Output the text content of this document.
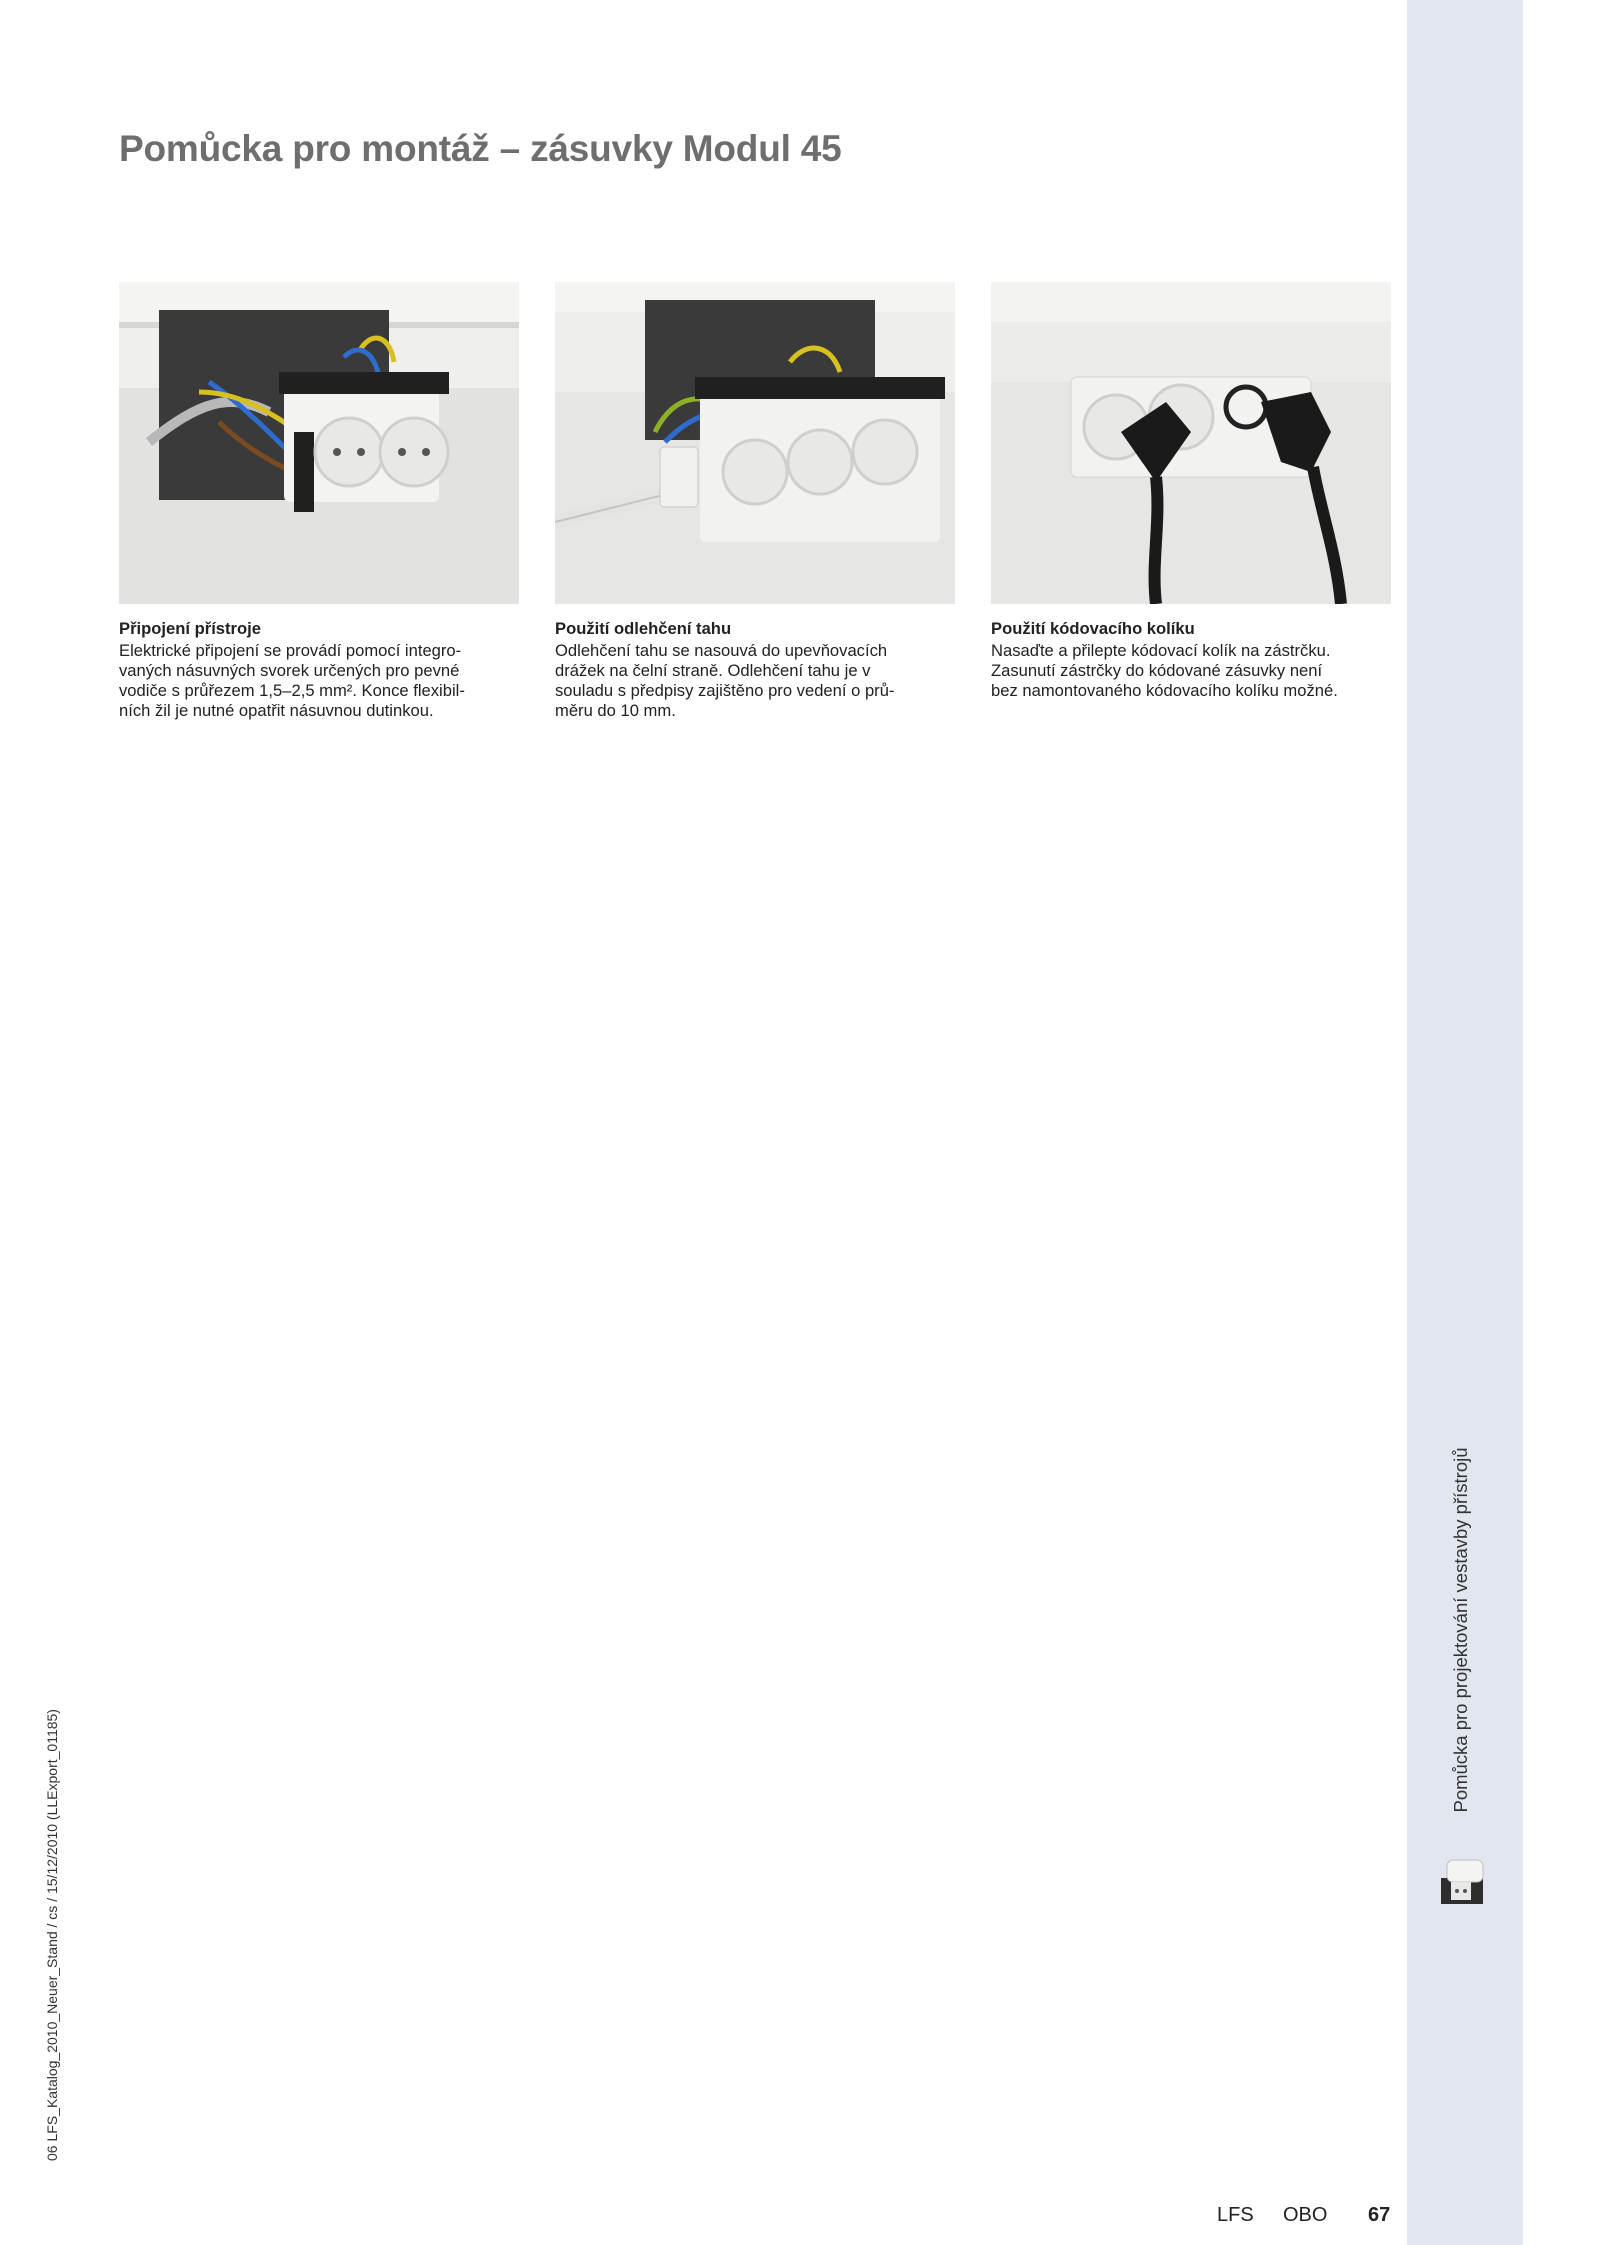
Pomůcka pro montáž – zásuvky Modul 45
Připojení přístroje
Elektrické připojení se provádí pomocí integro-
vaných násuvných svorek určených pro pevné
vodiče s průřezem 1,5–2,5 mm². Konce flexibil-
ních žil je nutné opatřit násuvnou dutinkou.
Použití odlehčení tahu
Odlehčení tahu se nasouvá do upevňovacích
drážek na čelní straně. Odlehčení tahu je v
souladu s předpisy zajištěno pro vedení o prů-
měru do 10 mm.
Použití kódovacího kolíku
Nasaďte a přilepte kódovací kolík na zástrčku.
Zasunutí zástrčky do kódované zásuvky není
bez namontovaného kódovacího kolíku možné.
Pomůcka pro projektování vestavby přístrojů
06 LFS_Katalog_2010_Neuer_Stand / cs / 15/12/2010 (LLExport_01185)
LFS OBO 67
